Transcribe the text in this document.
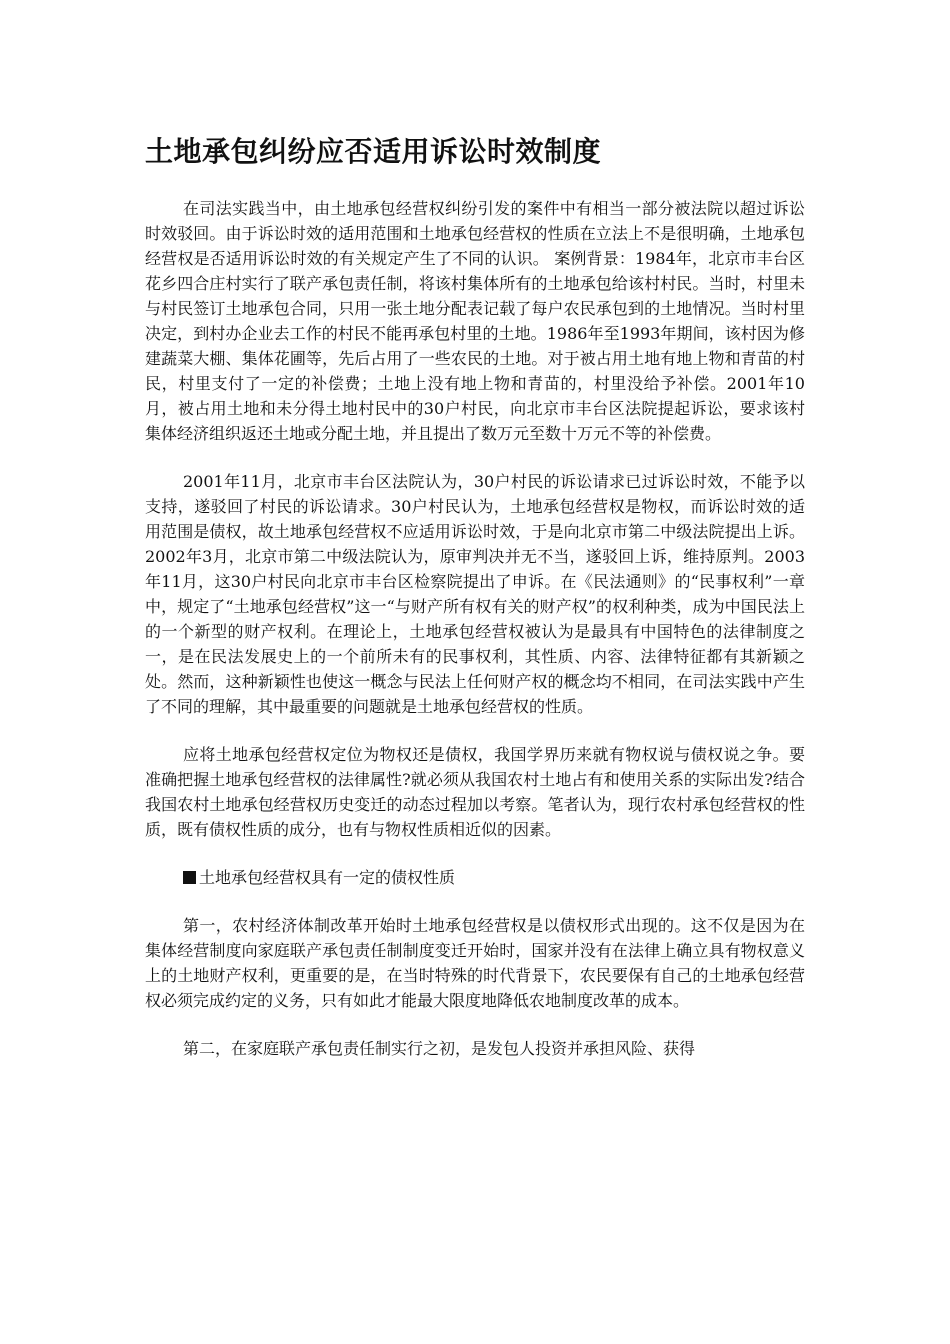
土地承包纠纷应否适用诉讼时效制度

在司法实践当中，由土地承包经营权纠纷引发的案件中有相当一部分被法院以超过诉讼时效驳回。由于诉讼时效的适用范围和土地承包经营权的性质在立法上不是很明确，土地承包经营权是否适用诉讼时效的有关规定产生了不同的认识。 案例背景：1984年，北京市丰台区花乡四合庄村实行了联产承包责任制，将该村集体所有的土地承包给该村村民。当时，村里未与村民签订土地承包合同，只用一张土地分配表记载了每户农民承包到的土地情况。当时村里决定，到村办企业去工作的村民不能再承包村里的土地。1986年至1993年期间，该村因为修建蔬菜大棚、集体花圃等，先后占用了一些农民的土地。对于被占用土地有地上物和青苗的村民，村里支付了一定的补偿费；土地上没有地上物和青苗的，村里没给予补偿。2001年10月，被占用土地和未分得土地村民中的30户村民，向北京市丰台区法院提起诉讼，要求该村集体经济组织返还土地或分配土地，并且提出了数万元至数十万元不等的补偿费。

2001年11月，北京市丰台区法院认为，30户村民的诉讼请求已过诉讼时效，不能予以支持，遂驳回了村民的诉讼请求。30户村民认为，土地承包经营权是物权，而诉讼时效的适用范围是债权，故土地承包经营权不应适用诉讼时效，于是向北京市第二中级法院提出上诉。2002年3月，北京市第二中级法院认为，原审判决并无不当，遂驳回上诉，维持原判。2003年11月，这30户村民向北京市丰台区检察院提出了申诉。在《民法通则》的“民事权利”一章中，规定了“土地承包经营权”这一“与财产所有权有关的财产权”的权利种类，成为中国民法上的一个新型的财产权利。在理论上，土地承包经营权被认为是最具有中国特色的法律制度之一，是在民法发展史上的一个前所未有的民事权利，其性质、内容、法律特征都有其新颖之处。然而，这种新颖性也使这一概念与民法上任何财产权的概念均不相同，在司法实践中产生了不同的理解，其中最重要的问题就是土地承包经营权的性质。

应将土地承包经营权定位为物权还是债权，我国学界历来就有物权说与债权说之争。要准确把握土地承包经营权的法律属性?就必须从我国农村土地占有和使用关系的实际出发?结合我国农村土地承包经营权历史变迁的动态过程加以考察。笔者认为，现行农村承包经营权的性质，既有债权性质的成分，也有与物权性质相近似的因素。

土地承包经营权具有一定的债权性质

第一，农村经济体制改革开始时土地承包经营权是以债权形式出现的。这不仅是因为在集体经营制度向家庭联产承包责任制制度变迁开始时，国家并没有在法律上确立具有物权意义上的土地财产权利，更重要的是，在当时特殊的时代背景下，农民要保有自己的土地承包经营权必须完成约定的义务，只有如此才能最大限度地降低农地制度改革的成本。

第二，在家庭联产承包责任制实行之初，是发包人投资并承担风险、获得
